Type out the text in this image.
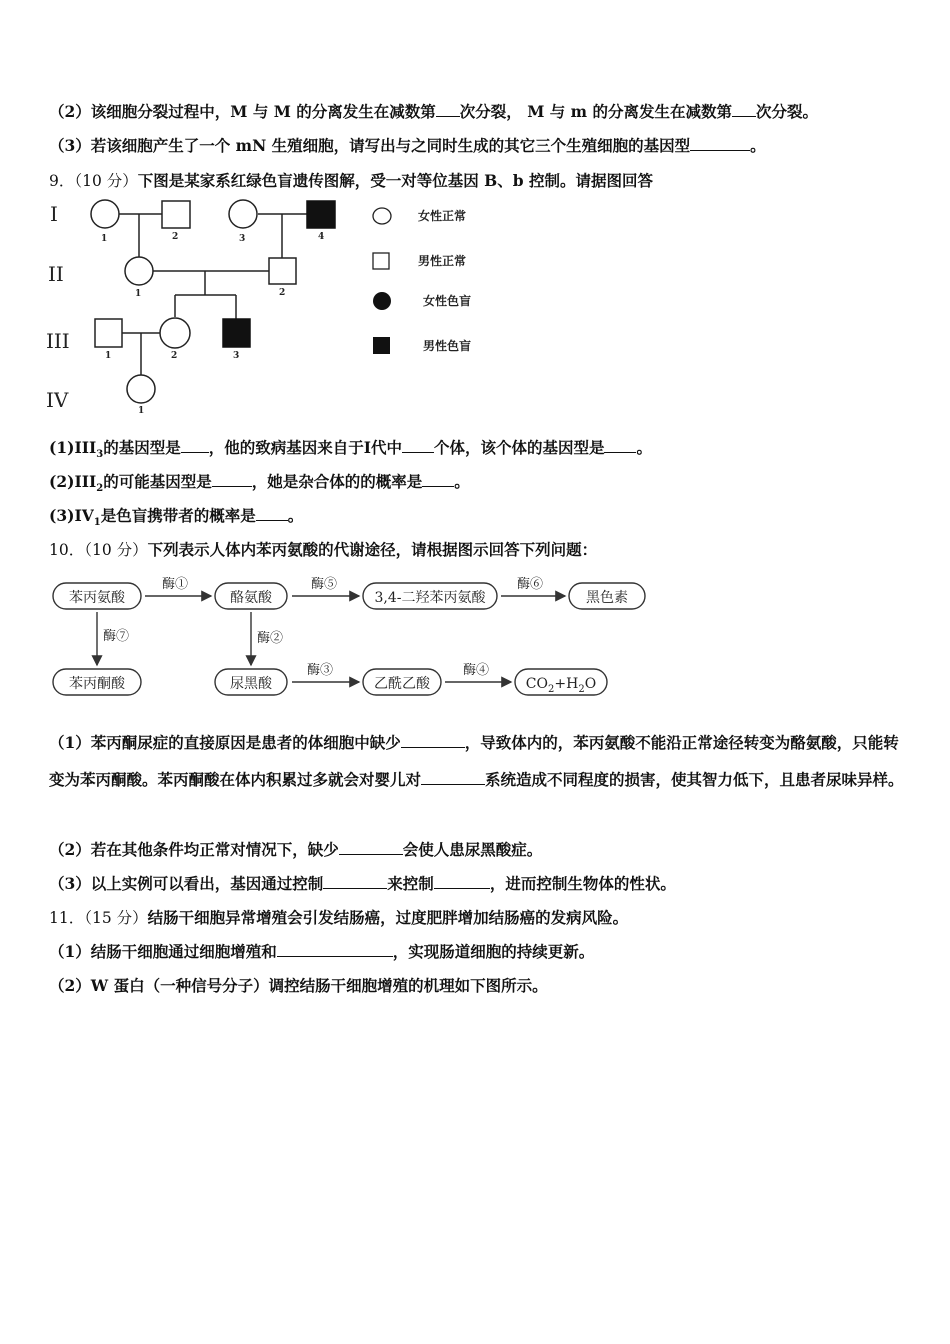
（2）该细胞分裂过程中，M 与 M 的分离发生在减数第 次分裂， M 与 m 的分离发生在减数第 次分裂。
（3）若该细胞产生了一个 mN 生殖细胞，请写出与之同时生成的其它三个生殖细胞的基因型	。
9．（10 分）下图是某家系红绿色盲遗传图解，受一对等位基因 B、b 控制。请据图回答
I
II
III
IV
1	2	3	4
1	2
1	2	3
1
女性正常
男性正常
女性色盲
男性色盲
$(1)III_3$的基因型是 ，他的致病基因来自于Ⅰ代中 个体，该个体的基因型是 。
$(2)III_2$的可能基因型是	，她是杂合体的的概率是 。
$(3)IV_1$是色盲携带者的概率是 。
10．（10 分）下列表示人体内苯丙氨酸的代谢途径，请根据图示回答下列问题：
苯丙氨酸	酪氨酸	3,4-二羟苯丙氨酸	黑色素
苯丙酮酸	尿黑酸	乙酰乙酸	$CO_2+H_2O$
酶①	酶⑤	酶⑥
酶⑦	酶②
酶③	酶④
（1）苯丙酮尿症的直接原因是患者的体细胞中缺少	，导致体内的，苯丙氨酸不能沿正常途径转变为酪氨酸，只能转变为苯丙酮酸。苯丙酮酸在体内积累过多就会对婴儿对	系统造成不同程度的损害，使其智力低下，且患者尿味异样。
（2）若在其他条件均正常对情况下，缺少	会使人患尿黑酸症。
（3）以上实例可以看出，基因通过控制	来控制	，进而控制生物体的性状。
11．（15 分）结肠干细胞异常增殖会引发结肠癌，过度肥胖增加结肠癌的发病风险。
（1）结肠干细胞通过细胞增殖和	，实现肠道细胞的持续更新。
（2）W 蛋白（一种信号分子）调控结肠干细胞增殖的机理如下图所示。
